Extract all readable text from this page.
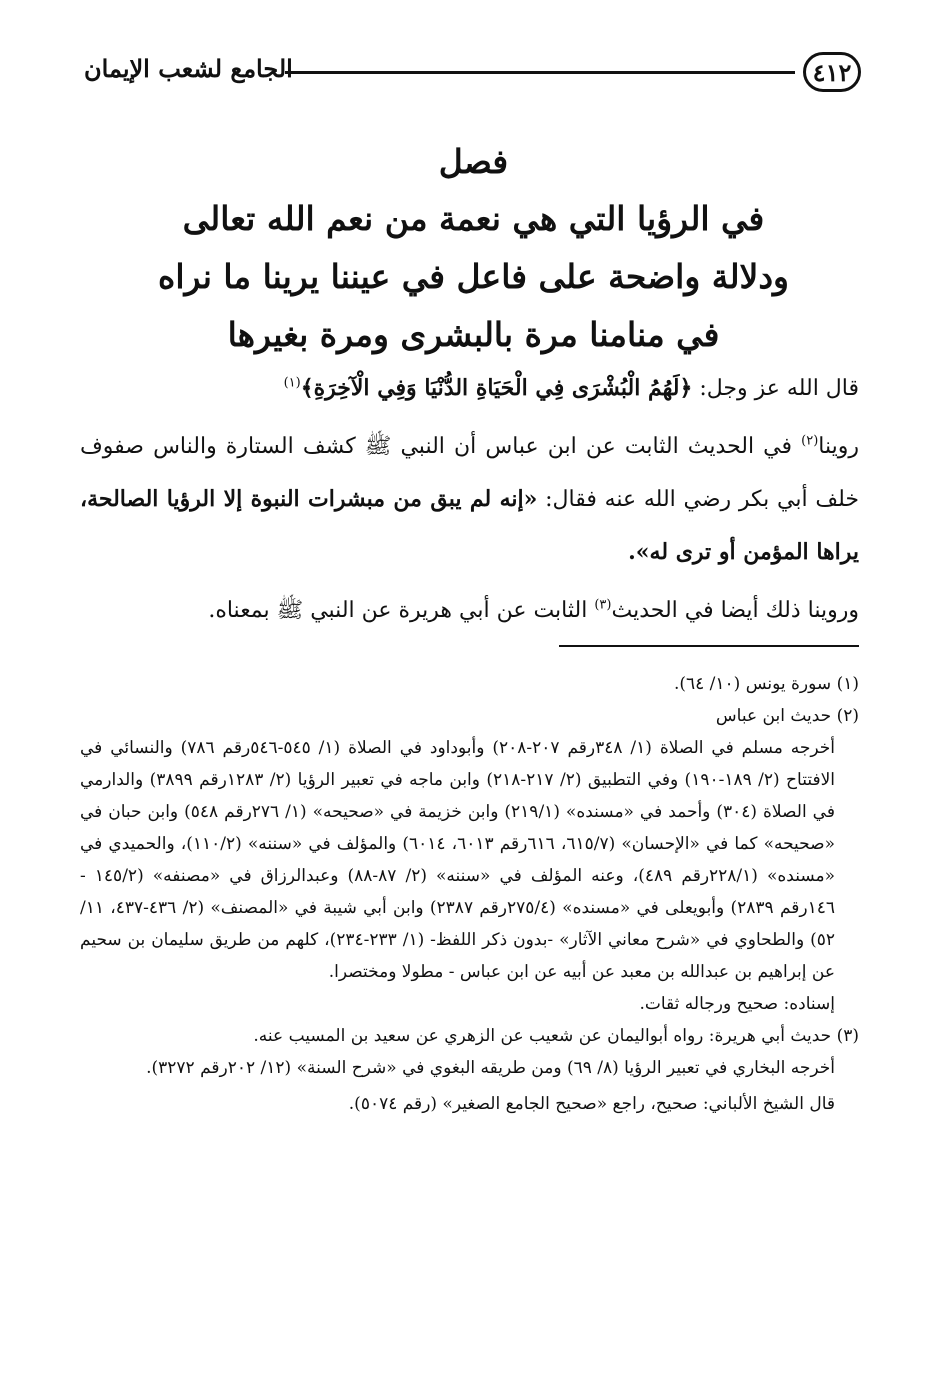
٤١٢
الجامع لشعب الإيمان
فصل
في الرؤيا التي هي نعمة من نعم الله تعالى
ودلالة واضحة على فاعل في عيننا يرينا ما نراه
في منامنا مرة بالبشرى ومرة بغيرها

قال الله عز وجل: ﴿لَهُمُ الْبُشْرَى فِي الْحَيَاةِ الدُّنْيَا وَفِي الْآخِرَةِ﴾$^{(١)}$

روينا$^{(٢)}$ في الحديث الثابت عن ابن عباس أن النبي ﷺ كشف الستارة والناس صفوف خلف أبي بكر رضي الله عنه فقال: «إنه لم يبق من مبشرات النبوة إلا الرؤيا الصالحة، يراها المؤمن أو ترى له».

وروينا ذلك أيضا في الحديث$^{(٣)}$ الثابت عن أبي هريرة عن النبي ﷺ بمعناه.

(١) سورة يونس (١٠/ ٦٤).

(٢) حديث ابن عباس

أخرجه مسلم في الصلاة (١/ ٣٤٨رقم ٢٠٧-٢٠٨) وأبوداود في الصلاة (١/ ٥٤٥-٥٤٦رقم ٧٨٦) والنسائي في الافتتاح (٢/ ١٨٩-١٩٠) وفي التطبيق (٢/ ٢١٧-٢١٨) وابن ماجه في تعبير الرؤيا (٢/ ١٢٨٣رقم ٣٨٩٩) والدارمي في الصلاة (٣٠٤) وأحمد في «مسنده» (٢١٩/١) وابن خزيمة في «صحيحه» (١/ ٢٧٦رقم ٥٤٨) وابن حبان في «صحيحه» كما في «الإحسان» (٦١٥/٧، ٦١٦رقم ٦٠١٣، ٦٠١٤) والمؤلف في «سننه» (١١٠/٢)، والحميدي في «مسنده» (٢٢٨/١رقم ٤٨٩)، وعنه المؤلف في «سننه» (٢/ ٨٧-٨٨) وعبدالرزاق في «مصنفه» (١٤٥/٢ - ١٤٦رقم ٢٨٣٩) وأبويعلى في «مسنده» (٢٧٥/٤رقم ٢٣٨٧) وابن أبي شيبة في «المصنف» (٢/ ٤٣٦-٤٣٧، ١١/ ٥٢) والطحاوي في «شرح معاني الآثار» -بدون ذكر اللفظ- (١/ ٢٣٣-٢٣٤)، كلهم من طريق سليمان بن سحيم عن إبراهيم بن عبدالله بن معبد عن أبيه عن ابن عباس - مطولا ومختصرا.

إسناده: صحيح ورجاله ثقات.

(٣) حديث أبي هريرة: رواه أبواليمان عن شعيب عن الزهري عن سعيد بن المسيب عنه.

أخرجه البخاري في تعبير الرؤيا (٨/ ٦٩) ومن طريقه البغوي في «شرح السنة» (١٢/ ٢٠٢رقم ٣٢٧٢).

قال الشيخ الألباني: صحيح، راجع «صحيح الجامع الصغير» (رقم ٥٠٧٤).
